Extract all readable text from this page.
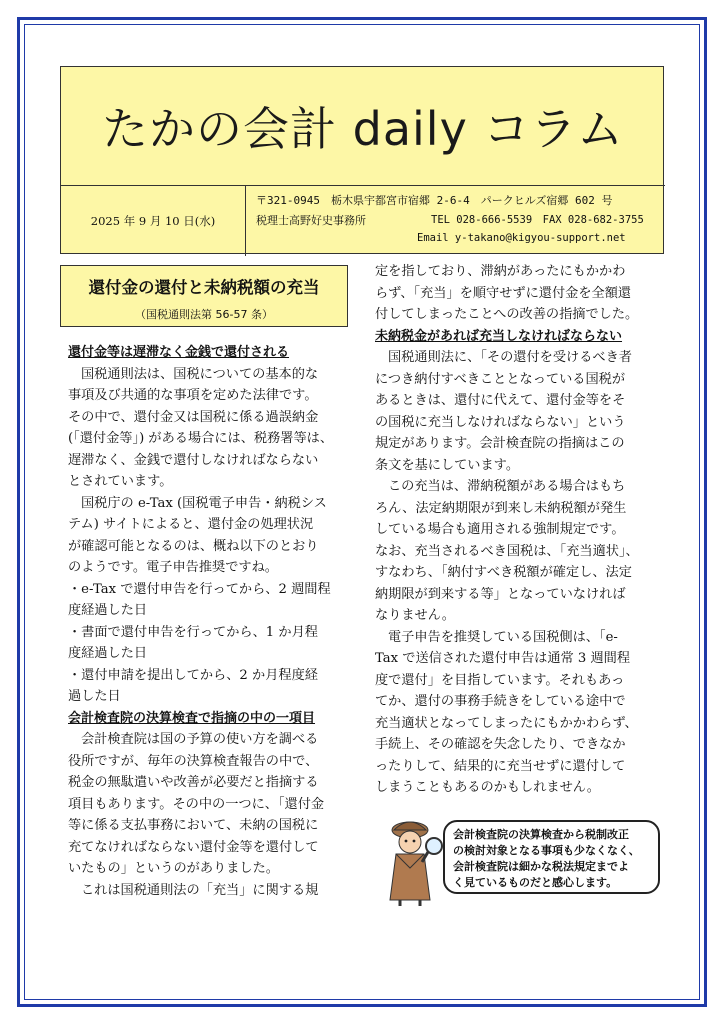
たかの会計 daily コラム
2025 年 9 月 10 日(水)
〒321-0945　栃木県宇都宮市宿郷 2-6-4　パークヒルズ宿郷 602 号
税理士高野好史事務所	TEL 028-666-5539　FAX 028-682-3755
Email y-takano@kigyou-support.net
還付金の還付と未納税額の充当
（国税通則法第 56-57 条）

還付金等は遅滞なく金銭で還付される

国税通則法は、国税についての基本的な

事項及び共通的な事項を定めた法律です。

その中で、還付金又は国税に係る過誤納金

(「還付金等」) がある場合には、税務署等は、

遅滞なく、金銭で還付しなければならない

とされています。

国税庁の e-Tax (国税電子申告・納税シス

テム) サイトによると、還付金の処理状況

が確認可能となるのは、概ね以下のとおり

のようです。電子申告推奨ですね。

・e-Tax で還付申告を行ってから、2 週間程

度経過した日

・書面で還付申告を行ってから、1 か月程

度経過した日

・還付申請を提出してから、2 か月程度経

過した日

会計検査院の決算検査で指摘の中の一項目

会計検査院は国の予算の使い方を調べる

役所ですが、毎年の決算検査報告の中で、

税金の無駄遣いや改善が必要だと指摘する

項目もあります。その中の一つに、「還付金

等に係る支払事務において、未納の国税に

充てなければならない還付金等を還付して

いたもの」というのがありました。

これは国税通則法の「充当」に関する規

定を指しており、滞納があったにもかかわ

らず、「充当」を順守せずに還付金を全額還

付してしまったことへの改善の指摘でした。

未納税金があれば充当しなければならない

国税通則法に、「その還付を受けるべき者

につき納付すべきこととなっている国税が

あるときは、還付に代えて、還付金等をそ

の国税に充当しなければならない」という

規定があります。会計検査院の指摘はこの

条文を基にしています。

この充当は、滞納税額がある場合はもち

ろん、法定納期限が到来し未納税額が発生

している場合も適用される強制規定です。

なお、充当されるべき国税は、「充当適状」、

すなわち、「納付すべき税額が確定し、法定

納期限が到来する等」となっていなければ

なりません。

電子申告を推奨している国税側は、「e-

Tax で送信された還付申告は通常 3 週間程

度で還付」を目指しています。それもあっ

てか、還付の事務手続きをしている途中で

充当適状となってしまったにもかかわらず、

手続上、その確認を失念したり、できなか

ったりして、結果的に充当せずに還付して

しまうこともあるのかもしれません。

会計検査院の決算検査から税制改正
の検討対象となる事項も少なくなく、
会計検査院は細かな税法規定までよ
く見ているものだと感心します。
